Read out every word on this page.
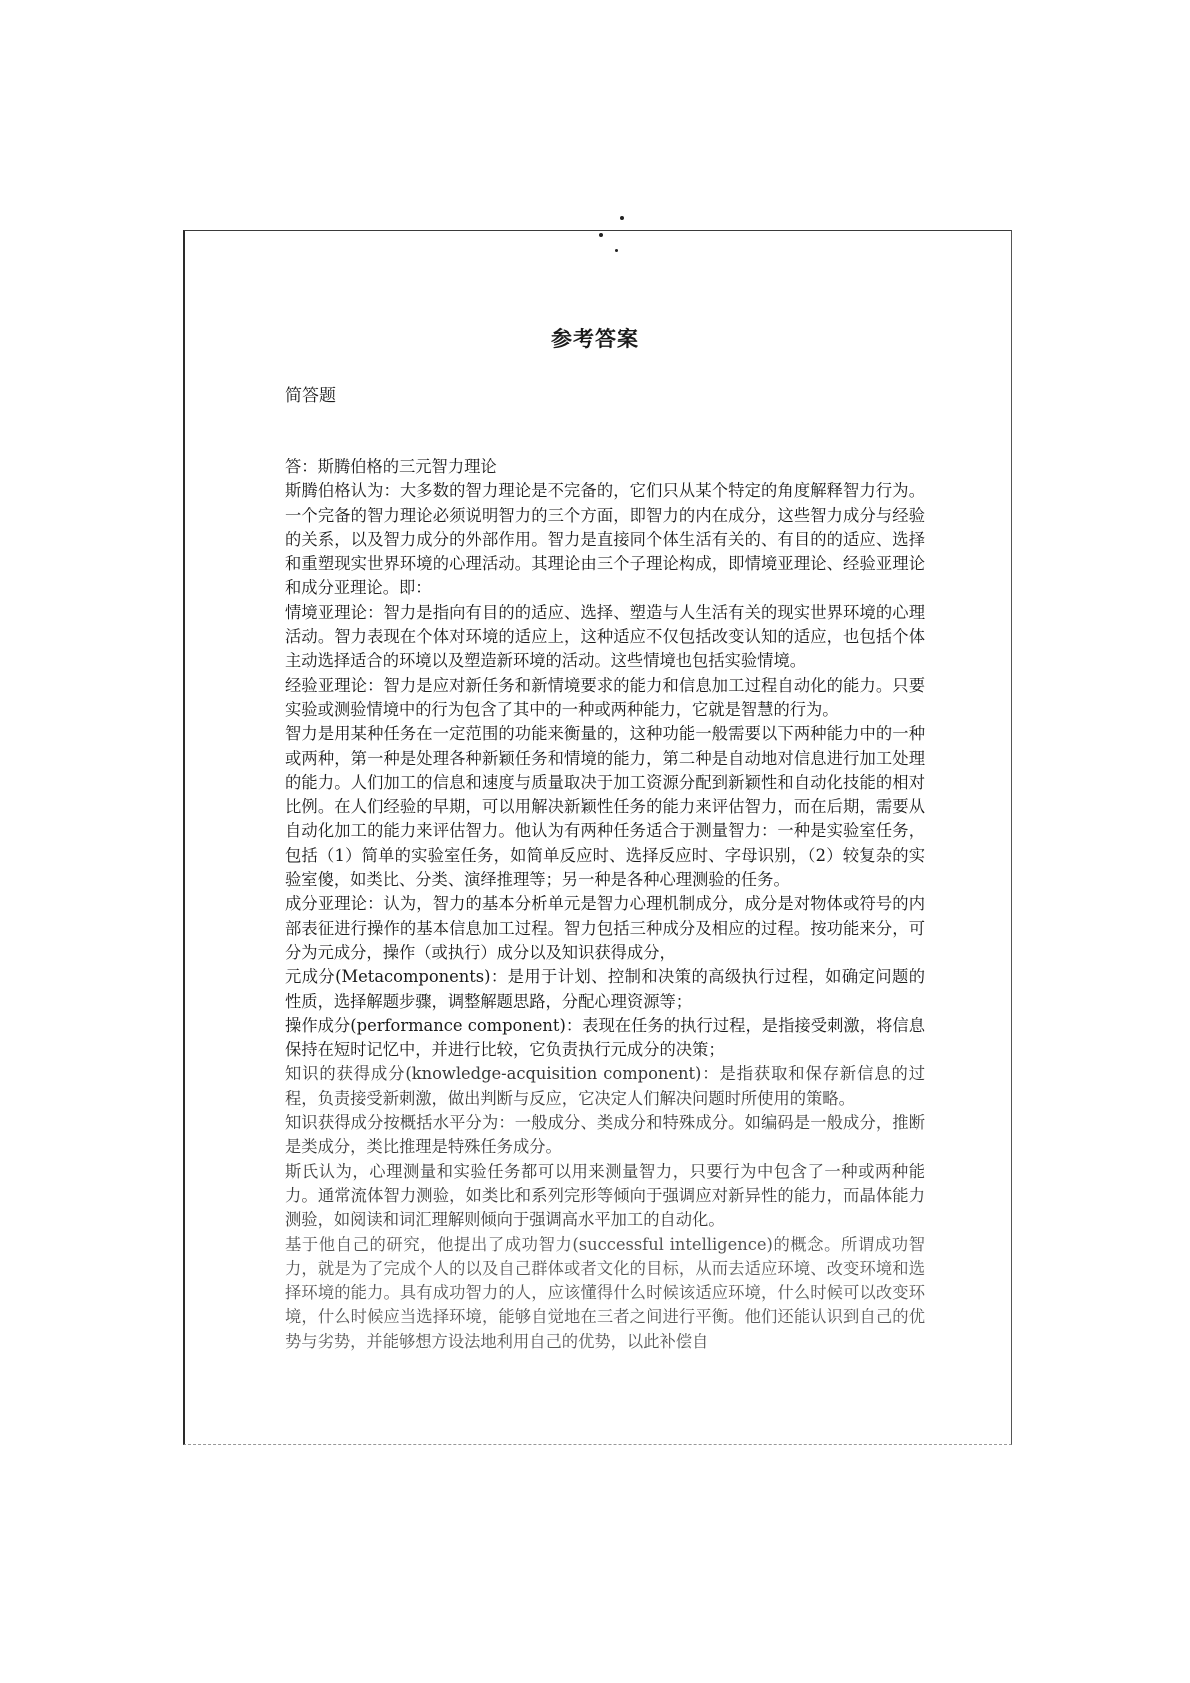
参考答案
简答题

答：斯腾伯格的三元智力理论

斯腾伯格认为：大多数的智力理论是不完备的，它们只从某个特定的角度解释智力行为。一个完备的智力理论必须说明智力的三个方面，即智力的内在成分，这些智力成分与经验的关系，以及智力成分的外部作用。智力是直接同个体生活有关的、有目的的适应、选择和重塑现实世界环境的心理活动。其理论由三个子理论构成，即情境亚理论、经验亚理论和成分亚理论。即：

情境亚理论：智力是指向有目的的适应、选择、塑造与人生活有关的现实世界环境的心理活动。智力表现在个体对环境的适应上，这种适应不仅包括改变认知的适应，也包括个体主动选择适合的环境以及塑造新环境的活动。这些情境也包括实验情境。

经验亚理论：智力是应对新任务和新情境要求的能力和信息加工过程自动化的能力。只要实验或测验情境中的行为包含了其中的一种或两种能力，它就是智慧的行为。

智力是用某种任务在一定范围的功能来衡量的，这种功能一般需要以下两种能力中的一种或两种，第一种是处理各种新颖任务和情境的能力，第二种是自动地对信息进行加工处理的能力。人们加工的信息和速度与质量取决于加工资源分配到新颖性和自动化技能的相对比例。在人们经验的早期，可以用解决新颖性任务的能力来评估智力，而在后期，需要从自动化加工的能力来评估智力。他认为有两种任务适合于测量智力：一种是实验室任务，包括（1）简单的实验室任务，如简单反应时、选择反应时、字母识别，（2）较复杂的实验室傻，如类比、分类、演绎推理等；另一种是各种心理测验的任务。

成分亚理论：认为，智力的基本分析单元是智力心理机制成分，成分是对物体或符号的内部表征进行操作的基本信息加工过程。智力包括三种成分及相应的过程。按功能来分，可分为元成分，操作（或执行）成分以及知识获得成分，

元成分(Metacomponents)：是用于计划、控制和决策的高级执行过程，如确定问题的性质，选择解题步骤，调整解题思路，分配心理资源等；

操作成分(performance component)：表现在任务的执行过程，是指接受刺激，将信息保持在短时记忆中，并进行比较，它负责执行元成分的决策；

知识的获得成分(knowledge-acquisition component)：是指获取和保存新信息的过程，负责接受新刺激，做出判断与反应，它决定人们解决问题时所使用的策略。

知识获得成分按概括水平分为：一般成分、类成分和特殊成分。如编码是一般成分，推断是类成分，类比推理是特殊任务成分。

斯氏认为，心理测量和实验任务都可以用来测量智力，只要行为中包含了一种或两种能力。通常流体智力测验，如类比和系列完形等倾向于强调应对新异性的能力，而晶体能力测验，如阅读和词汇理解则倾向于强调高水平加工的自动化。

基于他自己的研究，他提出了成功智力(successful intelligence)的概念。所谓成功智力，就是为了完成个人的以及自己群体或者文化的目标，从而去适应环境、改变环境和选择环境的能力。具有成功智力的人，应该懂得什么时候该适应环境，什么时候可以改变环境，什么时候应当选择环境，能够自觉地在三者之间进行平衡。他们还能认识到自己的优势与劣势，并能够想方设法地利用自己的优势，以此补偿自
